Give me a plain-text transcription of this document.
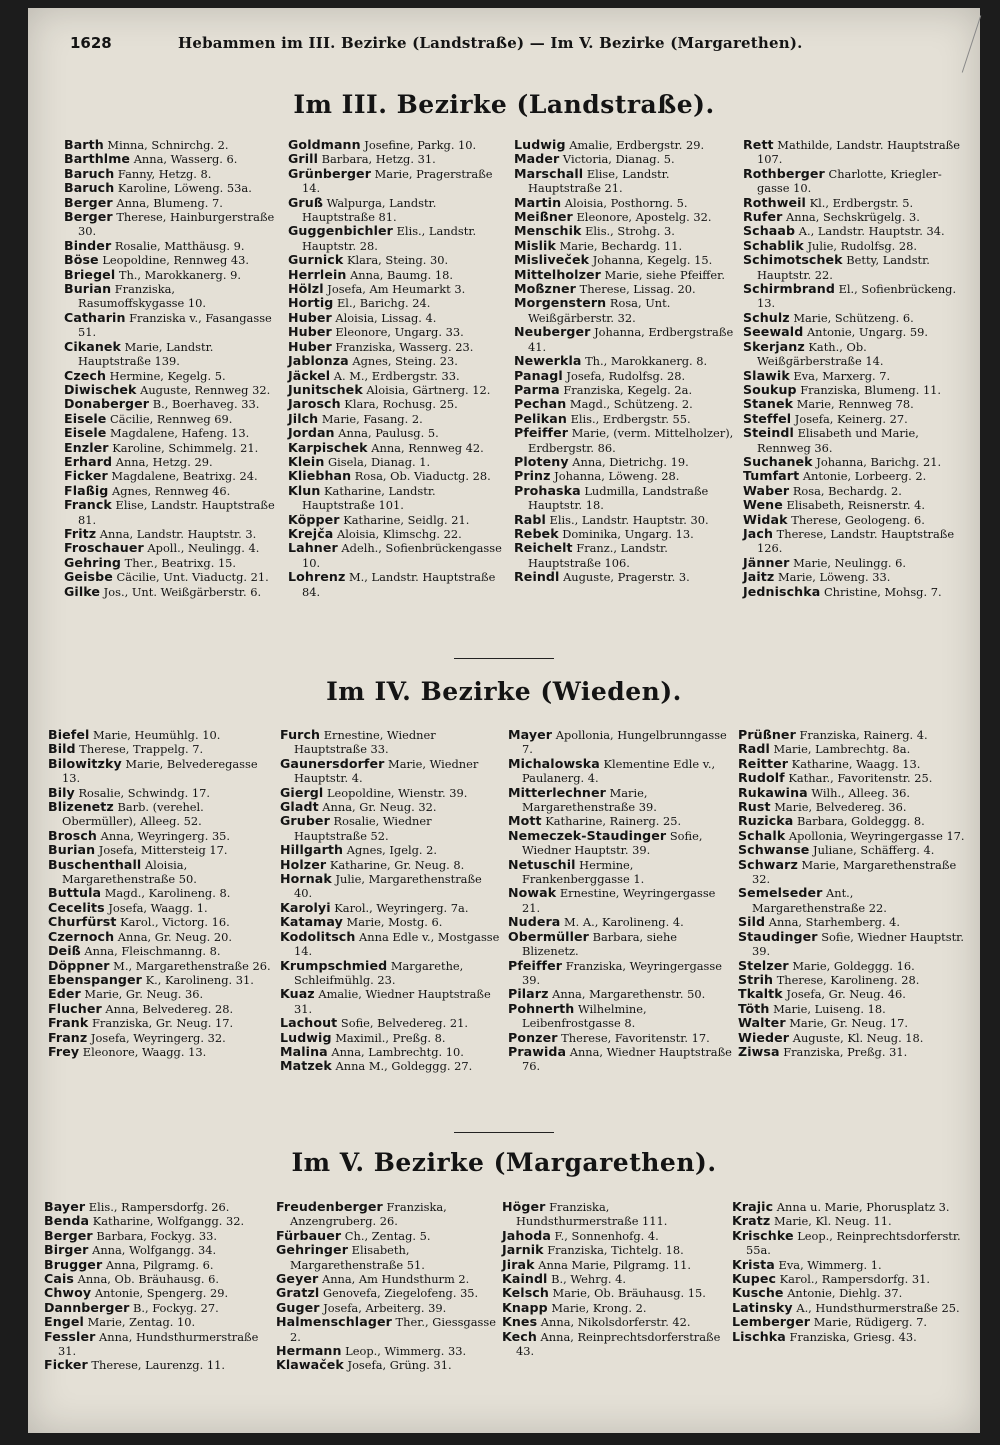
1628	Hebammen im III. Bezirke (Landstraße) — Im V. Bezirke (Margarethen).
Im III. Bezirke (Landstraße).
Barth Minna, Schnirchg. 2.
Barthlme Anna, Wasserg. 6.
Baruch Fanny, Hetzg. 8.
Baruch Karoline, Löweng. 53a.
Berger Anna, Blumeng. 7.
Berger Therese, Hainburgerstraße 30.
Binder Rosalie, Matthäusg. 9.
Böse Leopoldine, Rennweg 43.
Briegel Th., Marokkanerg. 9.
Burian Franziska, Rasumoffskygasse 10.
Catharin Franziska v., Fasangasse 51.
Cikanek Marie, Landstr. Hauptstraße 139.
Czech Hermine, Kegelg. 5.
Diwischek Auguste, Rennweg 32.
Donaberger B., Boerhaveg. 33.
Eisele Cäcilie, Rennweg 69.
Eisele Magdalene, Hafeng. 13.
Enzler Karoline, Schimmelg. 21.
Erhard Anna, Hetzg. 29.
Ficker Magdalene, Beatrixg. 24.
Flaßig Agnes, Rennweg 46.
Franck Elise, Landstr. Hauptstraße 81.
Fritz Anna, Landstr. Hauptstr. 3.
Froschauer Apoll., Neulingg. 4.
Gehring Ther., Beatrixg. 15.
Geisbe Cäcilie, Unt. Viaductg. 21.
Gilke Jos., Unt. Weißgärberstr. 6.
Goldmann Josefine, Parkg. 10.
Grill Barbara, Hetzg. 31.
Grünberger Marie, Pragerstraße 14.
Gruß Walpurga, Landstr. Hauptstraße 81.
Guggenbichler Elis., Landstr. Hauptstr. 28.
Gurnick Klara, Steing. 30.
Herrlein Anna, Baumg. 18.
Hölzl Josefa, Am Heumarkt 3.
Hortig El., Barichg. 24.
Huber Aloisia, Lissag. 4.
Huber Eleonore, Ungarg. 33.
Huber Franziska, Wasserg. 23.
Jablonza Agnes, Steing. 23.
Jäckel A. M., Erdbergstr. 33.
Junitschek Aloisia, Gärtnerg. 12.
Jarosch Klara, Rochusg. 25.
Jilch Marie, Fasang. 2.
Jordan Anna, Paulusg. 5.
Karpischek Anna, Rennweg 42.
Klein Gisela, Dianag. 1.
Kliebhan Rosa, Ob. Viaductg. 28.
Klun Katharine, Landstr. Hauptstraße 101.
Köpper Katharine, Seidlg. 21.
Krejča Aloisia, Klimschg. 22.
Lahner Adelh., Sofienbrückengasse 10.
Lohrenz M., Landstr. Hauptstraße 84.
Ludwig Amalie, Erdbergstr. 29.
Mader Victoria, Dianag. 5.
Marschall Elise, Landstr. Hauptstraße 21.
Martin Aloisia, Posthorng. 5.
Meißner Eleonore, Apostelg. 32.
Menschik Elis., Strohg. 3.
Mislik Marie, Bechardg. 11.
Misliveček Johanna, Kegelg. 15.
Mittelholzer Marie, siehe Pfeiffer.
Moßzner Therese, Lissag. 20.
Morgenstern Rosa, Unt. Weißgärberstr. 32.
Neuberger Johanna, Erdbergstraße 41.
Newerkla Th., Marokkanerg. 8.
Panagl Josefa, Rudolfsg. 28.
Parma Franziska, Kegelg. 2a.
Pechan Magd., Schützeng. 2.
Pelikan Elis., Erdbergstr. 55.
Pfeiffer Marie, (verm. Mittelholzer), Erdbergstr. 86.
Ploteny Anna, Dietrichg. 19.
Prinz Johanna, Löweng. 28.
Prohaska Ludmilla, Landstraße Hauptstr. 18.
Rabl Elis., Landstr. Hauptstr. 30.
Rebek Dominika, Ungarg. 13.
Reichelt Franz., Landstr. Hauptstraße 106.
Reindl Auguste, Pragerstr. 3.
Rett Mathilde, Landstr. Hauptstraße 107.
Rothberger Charlotte, Kriegler-gasse 10.
Rothweil Kl., Erdbergstr. 5.
Rufer Anna, Sechskrügelg. 3.
Schaab A., Landstr. Hauptstr. 34.
Schablik Julie, Rudolfsg. 28.
Schimotschek Betty, Landstr. Hauptstr. 22.
Schirmbrand El., Sofienbrückeng. 13.
Schulz Marie, Schützeng. 6.
Seewald Antonie, Ungarg. 59.
Skerjanz Kath., Ob. Weißgärberstraße 14.
Slawik Eva, Marxerg. 7.
Soukup Franziska, Blumeng. 11.
Stanek Marie, Rennweg 78.
Steffel Josefa, Keinerg. 27.
Steindl Elisabeth und Marie, Rennweg 36.
Suchanek Johanna, Barichg. 21.
Tumfart Antonie, Lorbeerg. 2.
Waber Rosa, Bechardg. 2.
Wene Elisabeth, Reisnerstr. 4.
Widak Therese, Geologeng. 6.
Jach Therese, Landstr. Hauptstraße 126.
Jänner Marie, Neulingg. 6.
Jaitz Marie, Löweng. 33.
Jednischka Christine, Mohsg. 7.
Im IV. Bezirke (Wieden).
Biefel Marie, Heumühlg. 10.
Bild Therese, Trappelg. 7.
Bilowitzky Marie, Belvederegasse 13.
Bily Rosalie, Schwindg. 17.
Blizenetz Barb. (verehel. Obermüller), Alleeg. 52.
Brosch Anna, Weyringerg. 35.
Burian Josefa, Mittersteig 17.
Buschenthall Aloisia, Margarethenstraße 50.
Buttula Magd., Karolineng. 8.
Cecelits Josefa, Waagg. 1.
Churfürst Karol., Victorg. 16.
Czernoch Anna, Gr. Neug. 20.
Deiß Anna, Fleischmanng. 8.
Döppner M., Margarethenstraße 26.
Ebenspanger K., Karolineng. 31.
Eder Marie, Gr. Neug. 36.
Flucher Anna, Belvedereg. 28.
Frank Franziska, Gr. Neug. 17.
Franz Josefa, Weyringerg. 32.
Frey Eleonore, Waagg. 13.
Furch Ernestine, Wiedner Hauptstraße 33.
Gaunersdorfer Marie, Wiedner Hauptstr. 4.
Giergl Leopoldine, Wienstr. 39.
Gladt Anna, Gr. Neug. 32.
Gruber Rosalie, Wiedner Hauptstraße 52.
Hillgarth Agnes, Igelg. 2.
Holzer Katharine, Gr. Neug. 8.
Hornak Julie, Margarethenstraße 40.
Karolyi Karol., Weyringerg. 7a.
Katamay Marie, Mostg. 6.
Kodolitsch Anna Edle v., Mostgasse 14.
Krumpschmied Margarethe, Schleifmühlg. 23.
Kuaz Amalie, Wiedner Hauptstraße 31.
Lachout Sofie, Belvedereg. 21.
Ludwig Maximil., Preßg. 8.
Malina Anna, Lambrechtg. 10.
Matzek Anna M., Goldeggg. 27.
Mayer Apollonia, Hungelbrunngasse 7.
Michalowska Klementine Edle v., Paulanerg. 4.
Mitterlechner Marie, Margarethenstraße 39.
Mott Katharine, Rainerg. 25.
Nemeczek-Staudinger Sofie, Wiedner Hauptstr. 39.
Netuschil Hermine, Frankenberggasse 1.
Nowak Ernestine, Weyringergasse 21.
Nudera M. A., Karolineng. 4.
Obermüller Barbara, siehe Blizenetz.
Pfeiffer Franziska, Weyringergasse 39.
Pilarz Anna, Margarethenstr. 50.
Pohnerth Wilhelmine, Leibenfrostgasse 8.
Ponzer Therese, Favoritenstr. 17.
Prawida Anna, Wiedner Hauptstraße 76.
Prüßner Franziska, Rainerg. 4.
Radl Marie, Lambrechtg. 8a.
Reitter Katharine, Waagg. 13.
Rudolf Kathar., Favoritenstr. 25.
Rukawina Wilh., Alleeg. 36.
Rust Marie, Belvedereg. 36.
Ruzicka Barbara, Goldeggg. 8.
Schalk Apollonia, Weyringergasse 17.
Schwanse Juliane, Schäfferg. 4.
Schwarz Marie, Margarethenstraße 32.
Semelseder Ant., Margarethenstraße 22.
Sild Anna, Starhemberg. 4.
Staudinger Sofie, Wiedner Hauptstr. 39.
Stelzer Marie, Goldeggg. 16.
Strih Therese, Karolineng. 28.
Tkaltk Josefa, Gr. Neug. 46.
Töth Marie, Luiseng. 18.
Walter Marie, Gr. Neug. 17.
Wieder Auguste, Kl. Neug. 18.
Ziwsa Franziska, Preßg. 31.
Im V. Bezirke (Margarethen).
Bayer Elis., Rampersdorfg. 26.
Benda Katharine, Wolfgangg. 32.
Berger Barbara, Fockyg. 33.
Birger Anna, Wolfgangg. 34.
Brugger Anna, Pilgramg. 6.
Cais Anna, Ob. Bräuhausg. 6.
Chwoy Antonie, Spengerg. 29.
Dannberger B., Fockyg. 27.
Engel Marie, Zentag. 10.
Fessler Anna, Hundsthurmerstraße 31.
Ficker Therese, Laurenzg. 11.
Freudenberger Franziska, Anzengruberg. 26.
Fürbauer Ch., Zentag. 5.
Gehringer Elisabeth, Margarethenstraße 51.
Geyer Anna, Am Hundsthurm 2.
Gratzl Genovefa, Ziegelofeng. 35.
Guger Josefa, Arbeiterg. 39.
Halmenschlager Ther., Giessgasse 2.
Hermann Leop., Wimmerg. 33.
Klawaček Josefa, Grüng. 31.
Höger Franziska, Hundsthurmerstraße 111.
Jahoda F., Sonnenhofg. 4.
Jarnik Franziska, Tichtelg. 18.
Jirak Anna Marie, Pilgramg. 11.
Kaindl B., Wehrg. 4.
Kelsch Marie, Ob. Bräuhausg. 15.
Knapp Marie, Krong. 2.
Knes Anna, Nikolsdorferstr. 42.
Kech Anna, Reinprechtsdorferstraße 43.
Krajic Anna u. Marie, Phorusplatz 3.
Kratz Marie, Kl. Neug. 11.
Krischke Leop., Reinprechtsdorferstr. 55a.
Krista Eva, Wimmerg. 1.
Kupec Karol., Rampersdorfg. 31.
Kusche Antonie, Diehlg. 37.
Latinsky A., Hundsthurmerstraße 25.
Lemberger Marie, Rüdigerg. 7.
Lischka Franziska, Griesg. 43.
